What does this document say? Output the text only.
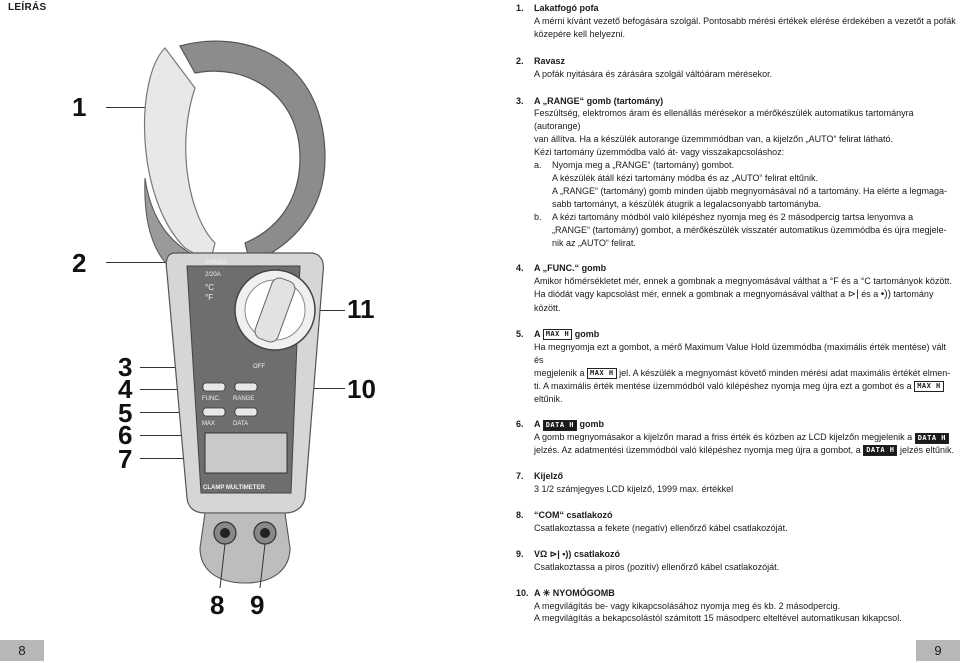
LEÍRÁS
1
2
3
4
5
6
7
8 9
10
11
20/600A
2/20A
°C
°F
OFF
FUNC. RANGE
MAX	DATA
CLAMP MULTIMETER
1. Lakatfogó pofa
A mérni kívánt vezető befogására szolgál. Pontosabb mérési értékek elérése érdekében a vezetőt a pofák
közepére kell helyezni.
2. Ravasz
A pofák nyitására és zárására szolgál váltóáram mérésekor.
3. A „RANGE“ gomb (tartomány)
Feszültség, elektromos áram és ellenállás mérésekor a mérőkészülék automatikus tartományra (autorange)
van állítva. Ha a készülék autorange üzemmmódban van, a kijelzőn „AUTO“ felirat látható.
Kézi tartomány üzemmódba való át- vagy visszakapcsoláshoz:
a. Nyomja meg a „RANGE“ (tartomány) gombot.
A készülék átáll kézi tartomány módba és az „AUTO“ felirat eltűnik.
A „RANGE“ (tartomány) gomb minden újabb megnyomásával nő a tartomány. Ha elérte a legmaga-
sabb tartományt, a készülék átugrik a legalacsonyabb tartományba.
b. A kézi tartomány módból való kilépéshez nyomja meg és 2 másodpercig tartsa lenyomva a
„RANGE“ (tartomány) gombot, a mérőkészülék visszatér automatikus üzemmódba és újra megjele-
nik az „AUTO“ felirat.
4. A „FUNC.“ gomb
Amikor hőmérsékletet mér, ennek a gombnak a megnyomásával válthat a °F és a °C tartományok között.
Ha diódát vagy kapcsolást mér, ennek a gombnak a megnyomásával válthat a ⊳| és a •)) tartomány
között.
5. A MAX H gomb
Ha megnyomja ezt a gombot, a mérő Maximum Value Hold üzemmódba (maximális érték mentése) vált és
megjelenik a MAX H jel. A készülék a megnyomást követő minden mérési adat maximális értékét elmen-
ti. A maximális érték mentése üzemmódból való kilépéshez nyomja meg újra ezt a gombot és a MAX H
eltűnik.
6. A DATA H gomb
A gomb megnyomásakor a kijelzőn marad a friss érték és közben az LCD kijelzőn megjelenik a DATA H
jelzés. Az adatmentési üzemmódból való kilépéshez nyomja meg újra a gombot, a DATA H jelzés eltűnik.
7. Kijelző
3 1/2 számjegyes LCD kijelző, 1999 max. értékkel
8. “COM“ csatlakozó
Csatlakoztassa a fekete (negatív) ellenőrző kábel csatlakozóját.
9. VΩ ⊳| •)) csatlakozó
Csatlakoztassa a piros (pozitív) ellenőrző kábel csatlakozóját.
10. A ✳ NYOMÓGOMB
A megvilágítás be- vagy kikapcsolásához nyomja meg és kb. 2 másodpercig.
A megvilágítás a bekapcsolástól számított 15 másodperc elteltével automatikusan kikapcsol.
8	9
